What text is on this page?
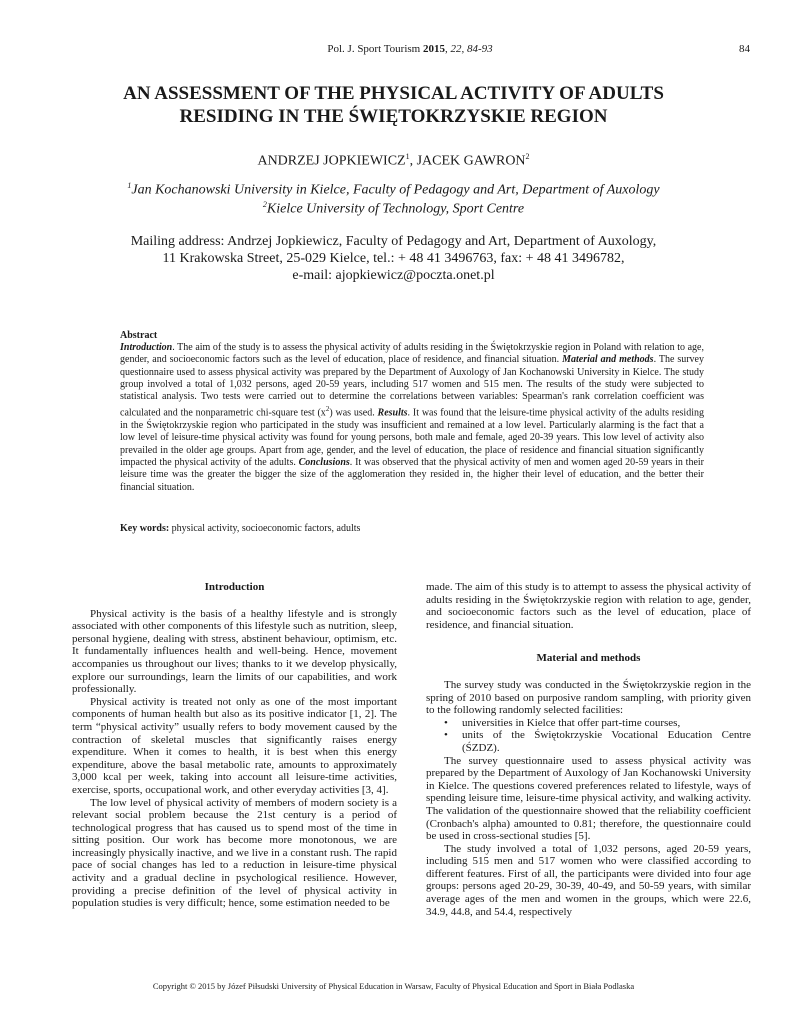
Pol. J. Sport Tourism 2015, 22, 84-93	84
AN ASSESSMENT OF THE PHYSICAL ACTIVITY OF ADULTS
RESIDING IN THE ŚWIĘTOKRZYSKIE REGION
ANDRZEJ JOPKIEWICZ$^1$, JACEK GAWRON$^2$
$^1$Jan Kochanowski University in Kielce, Faculty of Pedagogy and Art, Department of Auxology
$^2$Kielce University of Technology, Sport Centre
Mailing address: Andrzej Jopkiewicz, Faculty of Pedagogy and Art, Department of Auxology,
11 Krakowska Street, 25-029 Kielce, tel.: + 48 41 3496763, fax: + 48 41 3496782,
e-mail: ajopkiewicz@poczta.onet.pl
Abstract
Introduction. The aim of the study is to assess the physical activity of adults residing in the Świętokrzyskie region in Poland with relation to age, gender, and socioeconomic factors such as the level of education, place of residence, and financial situation. Material and methods. The survey questionnaire used to assess physical activity was prepared by the Department of Auxology of Jan Kochanowski University in Kielce. The study group involved a total of 1,032 persons, aged 20-59 years, including 517 women and 515 men. The results of the study were subjected to statistical analysis. Two tests were carried out to determine the correlations between variables: Spearman's rank correlation coefficient was calculated and the nonparametric chi-square test $(x^2)$ was used. Results. It was found that the leisure-time physical activity of the adults residing in the Świętokrzyskie region who participated in the study was insufficient and remained at a low level. Particularly alarming is the fact that a low level of leisure-time physical activity was found for young persons, both male and female, aged 20-39 years. This low level of activity also prevailed in the older age groups. Apart from age, gender, and the level of education, the place of residence and financial situation significantly impacted the physical activity of the adults. Conclusions. It was observed that the physical activity of men and women aged 20-59 years in their leisure time was the greater the bigger the size of the agglomeration they resided in, the higher their level of education, and the better their financial situation.
Key words: physical activity, socioeconomic factors, adults

Introduction

Physical activity is the basis of a healthy lifestyle and is strongly associated with other components of this lifestyle such as nutrition, sleep, personal hygiene, dealing with stress, abstinent behaviour, optimism, etc. It fundamentally influences health and well-being. Hence, movement accompanies us throughout our lives; thanks to it we develop physically, explore our surroundings, learn the limits of our capabilities, and work professionally.

Physical activity is treated not only as one of the most important components of human health but also as its positive indicator [1, 2]. The term “physical activity” usually refers to body movement caused by the contraction of skeletal muscles that significantly raises energy expenditure. When it comes to health, it is best when this energy expenditure, above the basal metabolic rate, amounts to approximately 3,000 kcal per week, taking into account all leisure-time activities, exercise, sports, occupational work, and other everyday activities [3, 4].

The low level of physical activity of members of modern society is a relevant social problem because the 21st century is a period of technological progress that has caused us to spend most of the time in sitting position. Our work has become more monotonous, we are increasingly physically inactive, and we live in a constant rush. The rapid pace of social changes has led to a reduction in leisure-time physical activity and a gradual decline in psychological resilience. However, providing a precise definition of the level of physical activity in population studies is very difficult; hence, some estimation needed to be

made. The aim of this study is to attempt to assess the physical activity of adults residing in the Świętokrzyskie region with relation to age, gender, and socioeconomic factors such as the level of education, place of residence, and financial situation.

Material and methods

The survey study was conducted in the Świętokrzyskie region in the spring of 2010 based on purposive random sampling, with priority given to the following randomly selected facilities:

• universities in Kielce that offer part-time courses,
• units of the Świętokrzyskie Vocational Education Centre (ŚZDZ).

The survey questionnaire used to assess physical activity was prepared by the Department of Auxology of Jan Kochanowski University in Kielce. The questions covered preferences related to lifestyle, ways of spending leisure time, leisure-time physical activity, and walking activity. The validation of the questionnaire showed that the reliability coefficient (Cronbach's alpha) amounted to 0.81; therefore, the questionnaire could be used in cross-sectional studies [5].

The study involved a total of 1,032 persons, aged 20-59 years, including 515 men and 517 women who were classified according to different features. First of all, the participants were divided into four age groups: persons aged 20-29, 30-39, 40-49, and 50-59 years, with similar average ages of the men and women in the groups, which were 22.6, 34.9, 44.8, and 54.4, respectively

Copyright © 2015 by Józef Piłsudski University of Physical Education in Warsaw, Faculty of Physical Education and Sport in Biała Podlaska
